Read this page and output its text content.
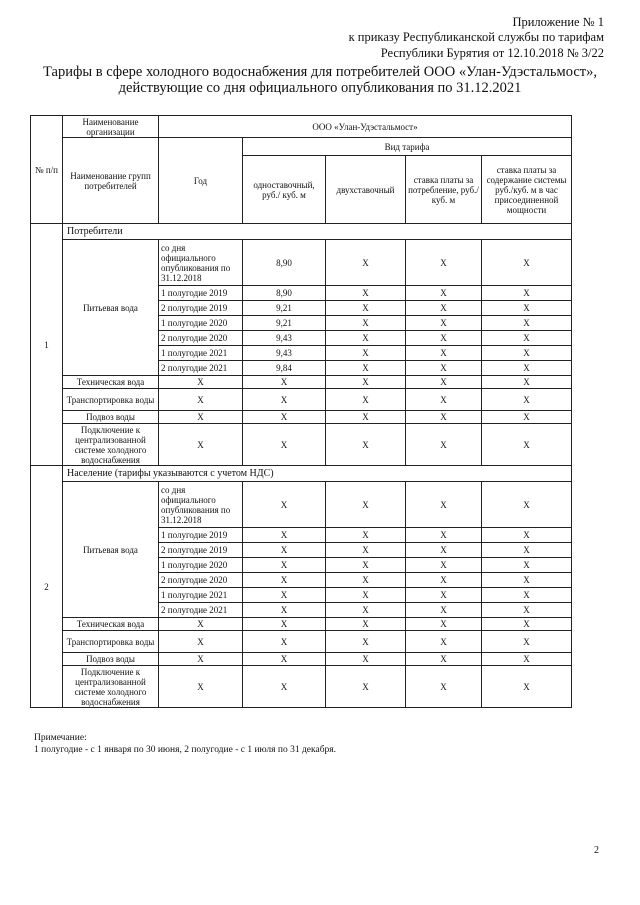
Приложение № 1
к приказу Республиканской службы по тарифам
Республики Бурятия от 12.10.2018 № 3/22
Тарифы в сфере холодного водоснабжения для потребителей ООО «Улан-Удэстальмост», действующие со дня официального опубликования по 31.12.2021
№ п/п	Наименование организации	ООО «Улан-Удэстальмост»				
	Наименование групп потребителей	Год	Вид тарифа			
			одноставочный, руб./ куб. м	двухставочный	ставка платы за потребление, руб./ куб. м	ставка платы за содержание системы руб./куб. м в час присоединенной мощности
1	Потребители					
	Питьевая вода	со дня официального опубликования по 31.12.2018	8,90	Х	Х	Х
		1 полугодие 2019	8,90	Х	Х	Х
		2 полугодие 2019	9,21	Х	Х	Х
		1 полугодие 2020	9,21	Х	Х	Х
		2 полугодие 2020	9,43	Х	Х	Х
		1 полугодие 2021	9,43	Х	Х	Х
		2 полугодие 2021	9,84	Х	Х	Х
	Техническая вода	Х	Х	Х	Х	Х
	Транспортировка воды	Х	Х	Х	Х	Х
	Подвоз воды	Х	Х	Х	Х	Х
	Подключение к централизованной системе холодного водоснабжения	Х	Х	Х	Х	Х
2	Население (тарифы указываются с учетом НДС)					
	Питьевая вода	со дня официального опубликования по 31.12.2018	Х	Х	Х	Х
		1 полугодие 2019	Х	Х	Х	Х
		2 полугодие 2019	Х	Х	Х	Х
		1 полугодие 2020	Х	Х	Х	Х
		2 полугодие 2020	Х	Х	Х	Х
		1 полугодие 2021	Х	Х	Х	Х
		2 полугодие 2021	Х	Х	Х	Х
	Техническая вода	Х	Х	Х	Х	Х
	Транспортировка воды	Х	Х	Х	Х	Х
	Подвоз воды	Х	Х	Х	Х	Х
	Подключение к централизованной системе холодного водоснабжения	Х	Х	Х	Х	Х
Примечание:
1 полугодие - с 1 января по 30 июня, 2 полугодие - с 1 июля по 31 декабря.
2
